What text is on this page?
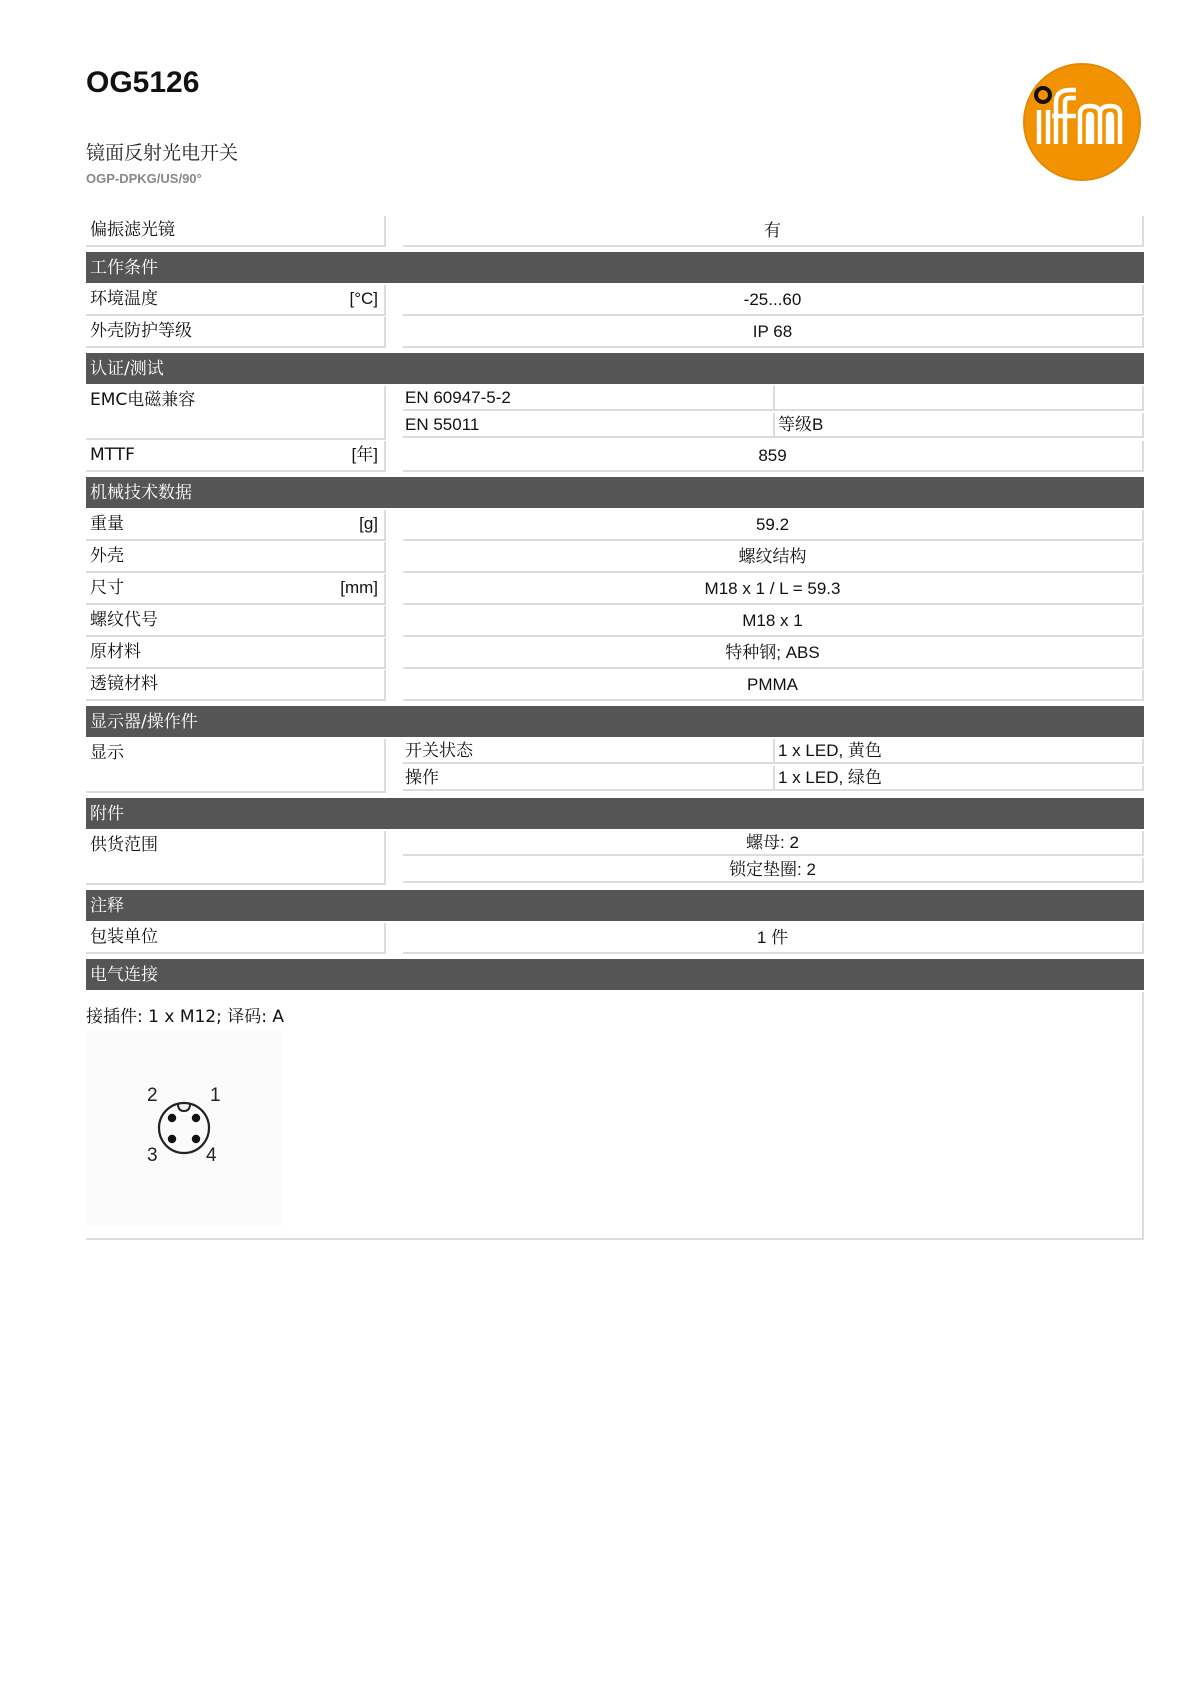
OG5126
镜面反射光电开关
OGP-DPKG/US/90°	ifm
偏振滤光镜	有
工作条件
环境温度	[°C]	-25...60
外壳防护等级	IP 68
认证/测试
EMC电磁兼容	EN 60947-5-2
EN 55011	等级B
MTTF	[年]	859
机械技术数据
重量	[g]	59.2
外壳	螺纹结构
尺寸	[mm]	M18 x 1 / L = 59.3
螺纹代号	M18 x 1
原材料	特种钢; ABS
透镜材料	PMMA
显示器/操作件
显示	开关状态	1 x LED, 黄色
操作	1 x LED, 绿色
附件
供货范围	螺母: 2
锁定垫圈: 2
注释
包装单位	1 件
电气连接
接插件: 1 x M12; 译码: A
1
2
3	4
